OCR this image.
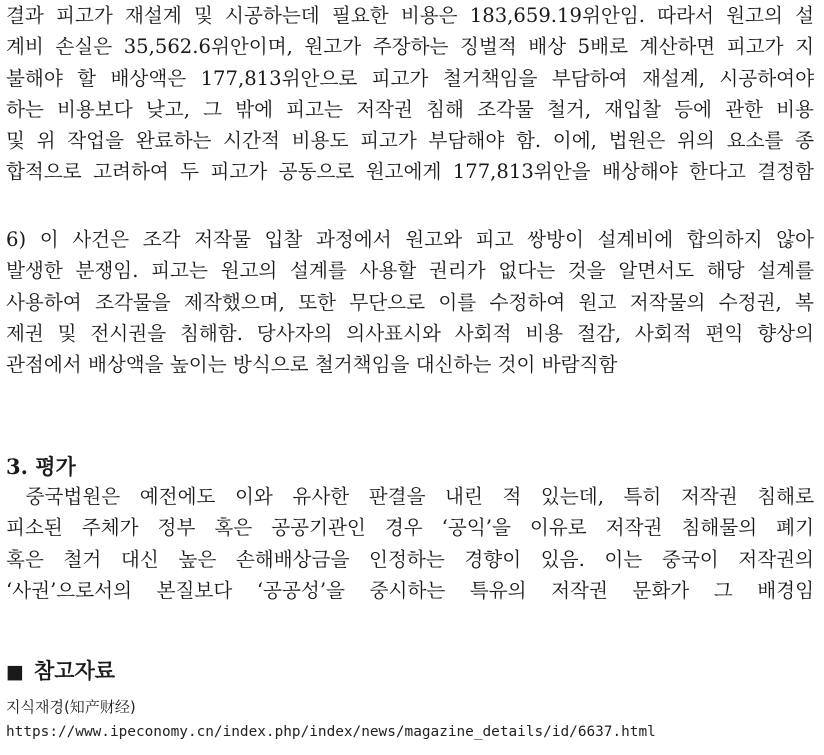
결과 피고가 재설계 및 시공하는데 필요한 비용은 183,659.19위안임. 따라서 원고의 설
계비 손실은 35,562.6위안이며, 원고가 주장하는 징벌적 배상 5배로 계산하면 피고가 지
불해야 할 배상액은 177,813위안으로 피고가 철거책임을 부담하여 재설계, 시공하여야
하는 비용보다 낮고, 그 밖에 피고는 저작권 침해 조각물 철거, 재입찰 등에 관한 비용
및 위 작업을 완료하는 시간적 비용도 피고가 부담해야 함. 이에, 법원은 위의 요소를 종
합적으로 고려하여 두 피고가 공동으로 원고에게 177,813위안을 배상해야 한다고 결정함

6) 이 사건은 조각 저작물 입찰 과정에서 원고와 피고 쌍방이 설계비에 합의하지 않아
발생한 분쟁임. 피고는 원고의 설계를 사용할 권리가 없다는 것을 알면서도 해당 설계를
사용하여 조각물을 제작했으며, 또한 무단으로 이를 수정하여 원고 저작물의 수정권, 복
제권 및 전시권을 침해함. 당사자의 의사표시와 사회적 비용 절감, 사회적 편익 향상의
관점에서 배상액을 높이는 방식으로 철거책임을 대신하는 것이 바람직함

3. 평가

중국법원은 예전에도 이와 유사한 판결을 내린 적 있는데, 특히 저작권 침해로
피소된 주체가 정부 혹은 공공기관인 경우 ‘공익’을 이유로 저작권 침해물의 폐기
혹은 철거 대신 높은 손해배상금을 인정하는 경향이 있음. 이는 중국이 저작권의
‘사권’으로서의 본질보다 ‘공공성’을 중시하는 특유의 저작권 문화가 그 배경임

■ 참고자료

지식재경(知产财经)

https://www.ipeconomy.cn/index.php/index/news/magazine_details/id/6637.html
